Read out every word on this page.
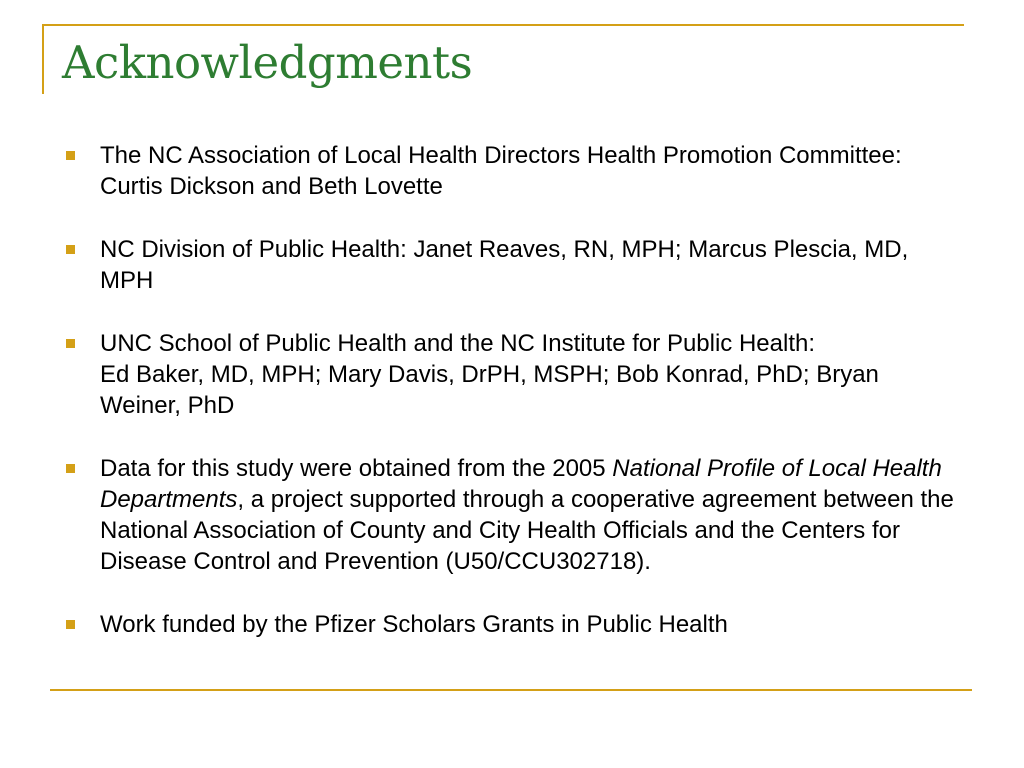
Acknowledgments
The NC Association of Local Health Directors Health Promotion Committee: Curtis Dickson and Beth Lovette
NC Division of Public Health: Janet Reaves, RN, MPH; Marcus Plescia, MD, MPH
UNC School of Public Health and the NC Institute for Public Health:
Ed Baker, MD, MPH; Mary Davis, DrPH, MSPH; Bob Konrad, PhD; Bryan Weiner, PhD
Data for this study were obtained from the 2005 National Profile of Local Health Departments, a project supported through a cooperative agreement between the National Association of County and City Health Officials and the Centers for Disease Control and Prevention (U50/CCU302718).
Work funded by the Pfizer Scholars Grants in Public Health
